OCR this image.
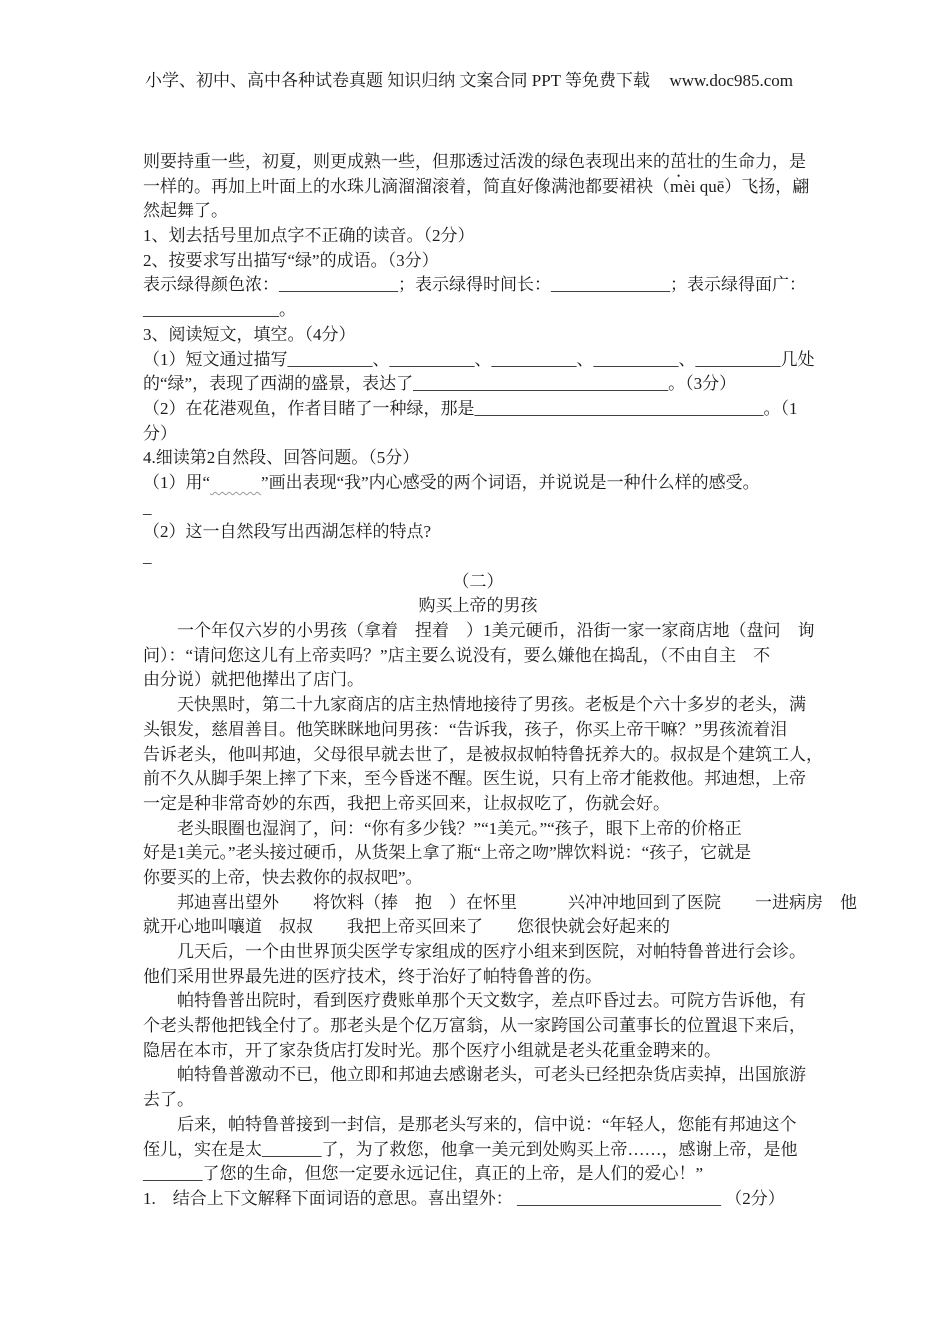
小学、初中、高中各种试卷真题 知识归纳 文案合同 PPT 等免费下载 www.doc985.com
则要持重一些，初夏，则更成熟一些，但那透过活泼的绿色表现出来的茁壮的生命力，是
一样的。再加上叶面上的水珠儿滴溜溜滚着，简直好像满池都要裙袂（mèi quē）飞扬，翩
然起舞了。
1、划去括号里加点字不正确的读音。（2分）
2、按要求写出描写“绿”的成语。（3分）
表示绿得颜色浓：______________；表示绿得时间长：______________；表示绿得面广：
________________。
3、阅读短文，填空。（4分）
（1）短文通过描写__________、__________、__________、__________、__________几处
的“绿”，表现了西湖的盛景，表达了______________________________。（3分）
（2）在花港观鱼，作者目睹了一种绿，那是__________________________________。（1
分）
4.细读第2自然段、回答问题。（5分）
（1）用“	”画出表现“我”内心感受的两个词语，并说说是一种什么样的感受。
_
（2）这一自然段写出西湖怎样的特点?
_
（二）
购买上帝的男孩
　　一个年仅六岁的小男孩（拿着　捏着　）1美元硬币，沿街一家一家商店地（盘问　询
问）：“请问您这儿有上帝卖吗？”店主要么说没有，要么嫌他在捣乱，（不由自主　不
由分说）就把他撵出了店门。
　　天快黑时，第二十九家商店的店主热情地接待了男孩。老板是个六十多岁的老头，满
头银发，慈眉善目。他笑眯眯地问男孩：“告诉我，孩子，你买上帝干嘛？”男孩流着泪
告诉老头，他叫邦迪，父母很早就去世了，是被叔叔帕特鲁抚养大的。叔叔是个建筑工人，
前不久从脚手架上摔了下来，至今昏迷不醒。医生说，只有上帝才能救他。邦迪想，上帝
一定是种非常奇妙的东西，我把上帝买回来，让叔叔吃了，伤就会好。
　　老头眼圈也湿润了，问：“你有多少钱？”“1美元。”“孩子，眼下上帝的价格正
好是1美元。”老头接过硬币，从货架上拿了瓶“上帝之吻”牌饮料说：“孩子，它就是
你要买的上帝，快去救你的叔叔吧”。
　　邦迪喜出望外　　将饮料（捧　抱　）在怀里　　　兴冲冲地回到了医院　　一进病房　他
就开心地叫嚷道　叔叔　　我把上帝买回来了　　您很快就会好起来的
　　几天后，一个由世界顶尖医学专家组成的医疗小组来到医院，对帕特鲁普进行会诊。
他们采用世界最先进的医疗技术，终于治好了帕特鲁普的伤。
　　帕特鲁普出院时，看到医疗费账单那个天文数字，差点吓昏过去。可院方告诉他，有
个老头帮他把钱全付了。那老头是个亿万富翁，从一家跨国公司董事长的位置退下来后，
隐居在本市，开了家杂货店打发时光。那个医疗小组就是老头花重金聘来的。
　　帕特鲁普激动不已，他立即和邦迪去感谢老头，可老头已经把杂货店卖掉，出国旅游
去了。
　　后来，帕特鲁普接到一封信，是那老头写来的，信中说：“年轻人，您能有邦迪这个
侄儿，实在是太_______了，为了救您，他拿一美元到处购买上帝……，感谢上帝，是他
_______了您的生命，但您一定要永远记住，真正的上帝，是人们的爱心！”
1.　结合上下文解释下面词语的意思。喜出望外： ________________________ （2分）
